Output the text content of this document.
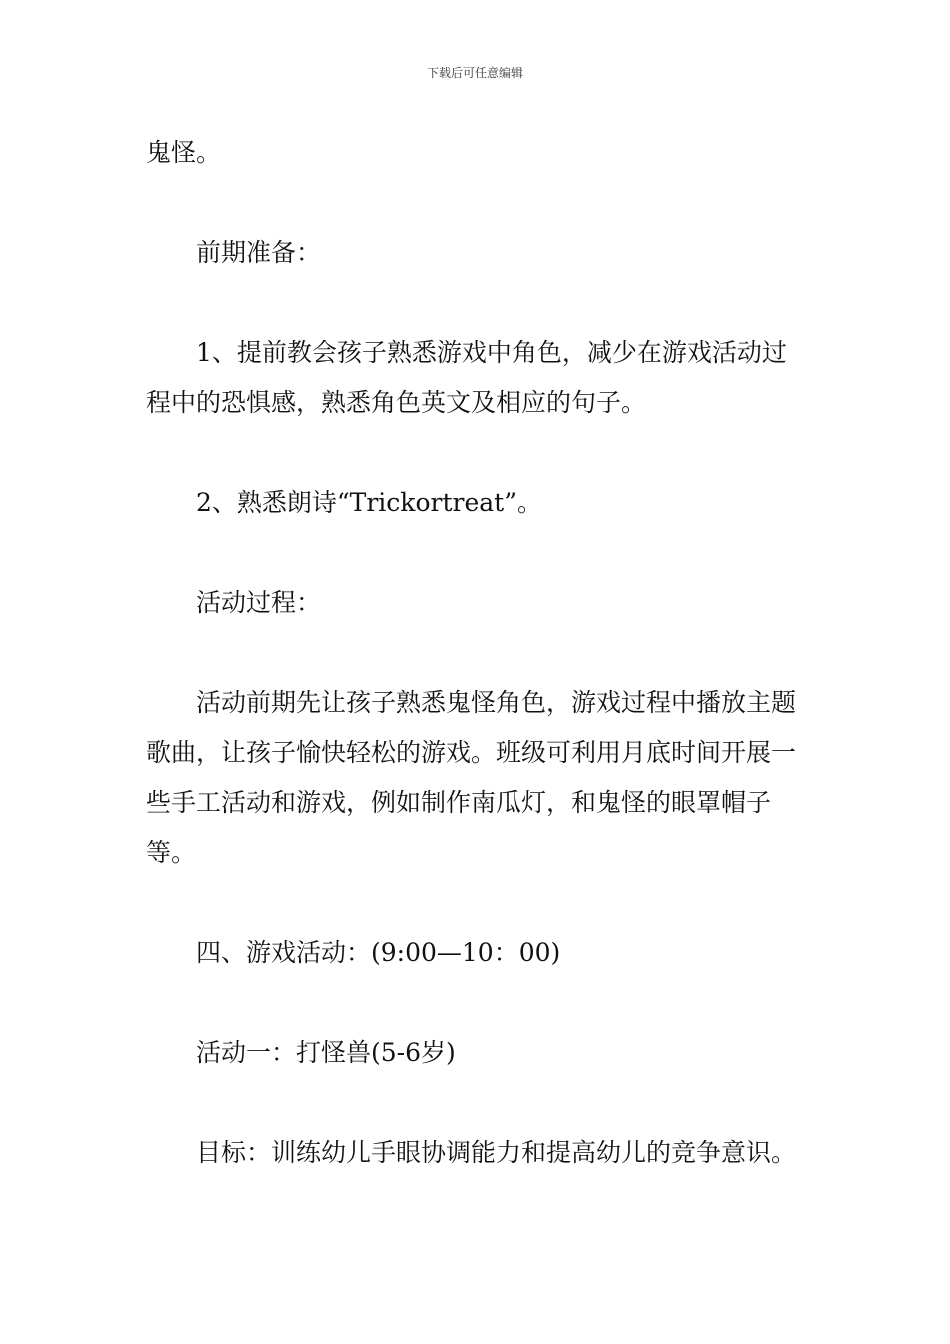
下载后可任意编辑

鬼怪。

前期准备：

1、提前教会孩子熟悉游戏中角色，减少在游戏活动过程中的恐惧感，熟悉角色英文及相应的句子。

2、熟悉朗诗“Trickortreat”。

活动过程：

活动前期先让孩子熟悉鬼怪角色，游戏过程中播放主题歌曲，让孩子愉快轻松的游戏。班级可利用月底时间开展一些手工活动和游戏，例如制作南瓜灯，和鬼怪的眼罩帽子等。

四、游戏活动：(9:00—10：00)

活动一：打怪兽(5-6岁)

目标：训练幼儿手眼协调能力和提高幼儿的竞争意识。
